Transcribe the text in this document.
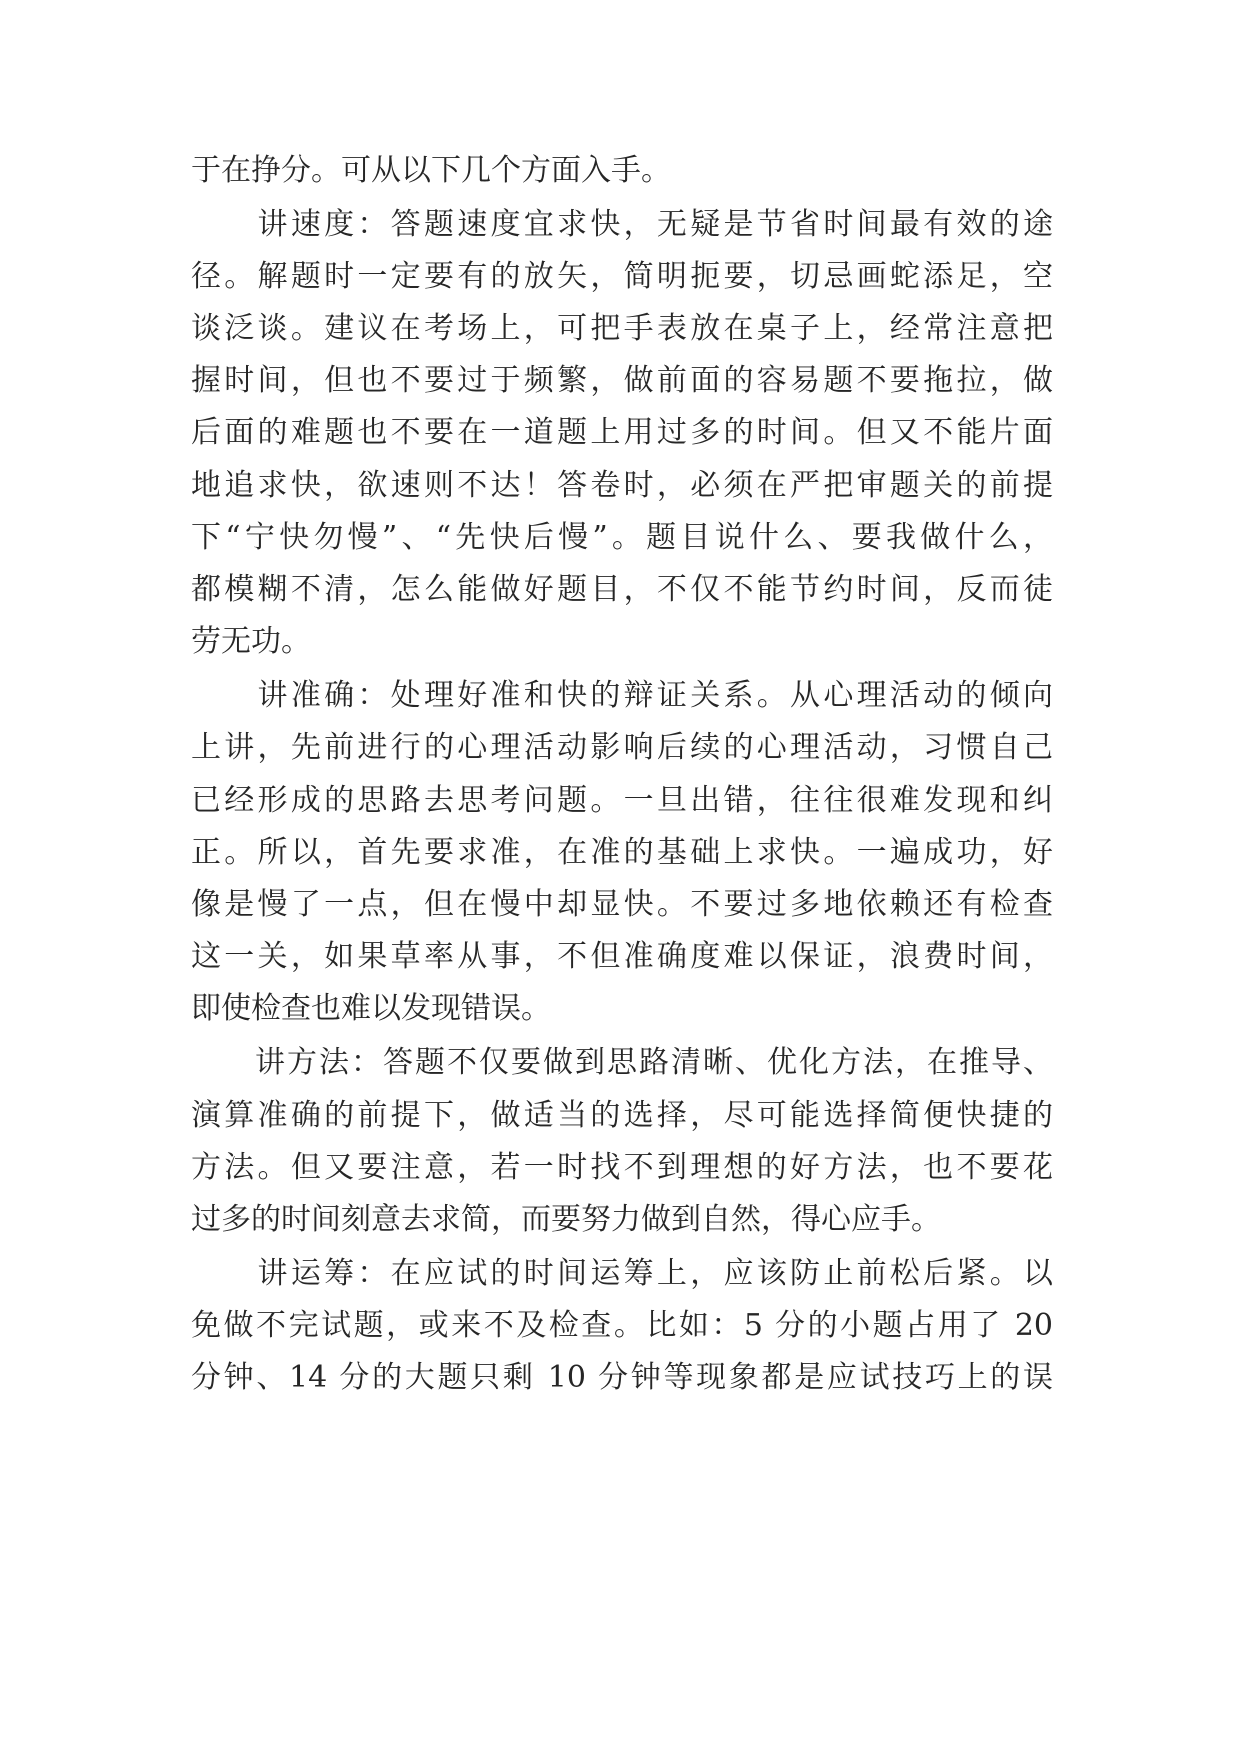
于在挣分。可从以下几个方面入手。
　　讲速度：答题速度宜求快，无疑是节省时间最有效的途
径。解题时一定要有的放矢，简明扼要，切忌画蛇添足，空
谈泛谈。建议在考场上，可把手表放在桌子上，经常注意把
握时间，但也不要过于频繁，做前面的容易题不要拖拉，做
后面的难题也不要在一道题上用过多的时间。但又不能片面
地追求快，欲速则不达！答卷时，必须在严把审题关的前提
下“宁快勿慢”、“先快后慢”。题目说什么、要我做什么，
都模糊不清，怎么能做好题目，不仅不能节约时间，反而徒
劳无功。
　　讲准确：处理好准和快的辩证关系。从心理活动的倾向
上讲，先前进行的心理活动影响后续的心理活动，习惯自己
已经形成的思路去思考问题。一旦出错，往往很难发现和纠
正。所以，首先要求准，在准的基础上求快。一遍成功，好
像是慢了一点，但在慢中却显快。不要过多地依赖还有检查
这一关，如果草率从事，不但准确度难以保证，浪费时间，
即使检查也难以发现错误。
　　讲方法：答题不仅要做到思路清晰、优化方法，在推导、
演算准确的前提下，做适当的选择，尽可能选择简便快捷的
方法。但又要注意，若一时找不到理想的好方法，也不要花
过多的时间刻意去求简，而要努力做到自然，得心应手。
　　讲运筹：在应试的时间运筹上，应该防止前松后紧。以
免做不完试题，或来不及检查。比如：5 分的小题占用了 20
分钟、14 分的大题只剩 10 分钟等现象都是应试技巧上的误
